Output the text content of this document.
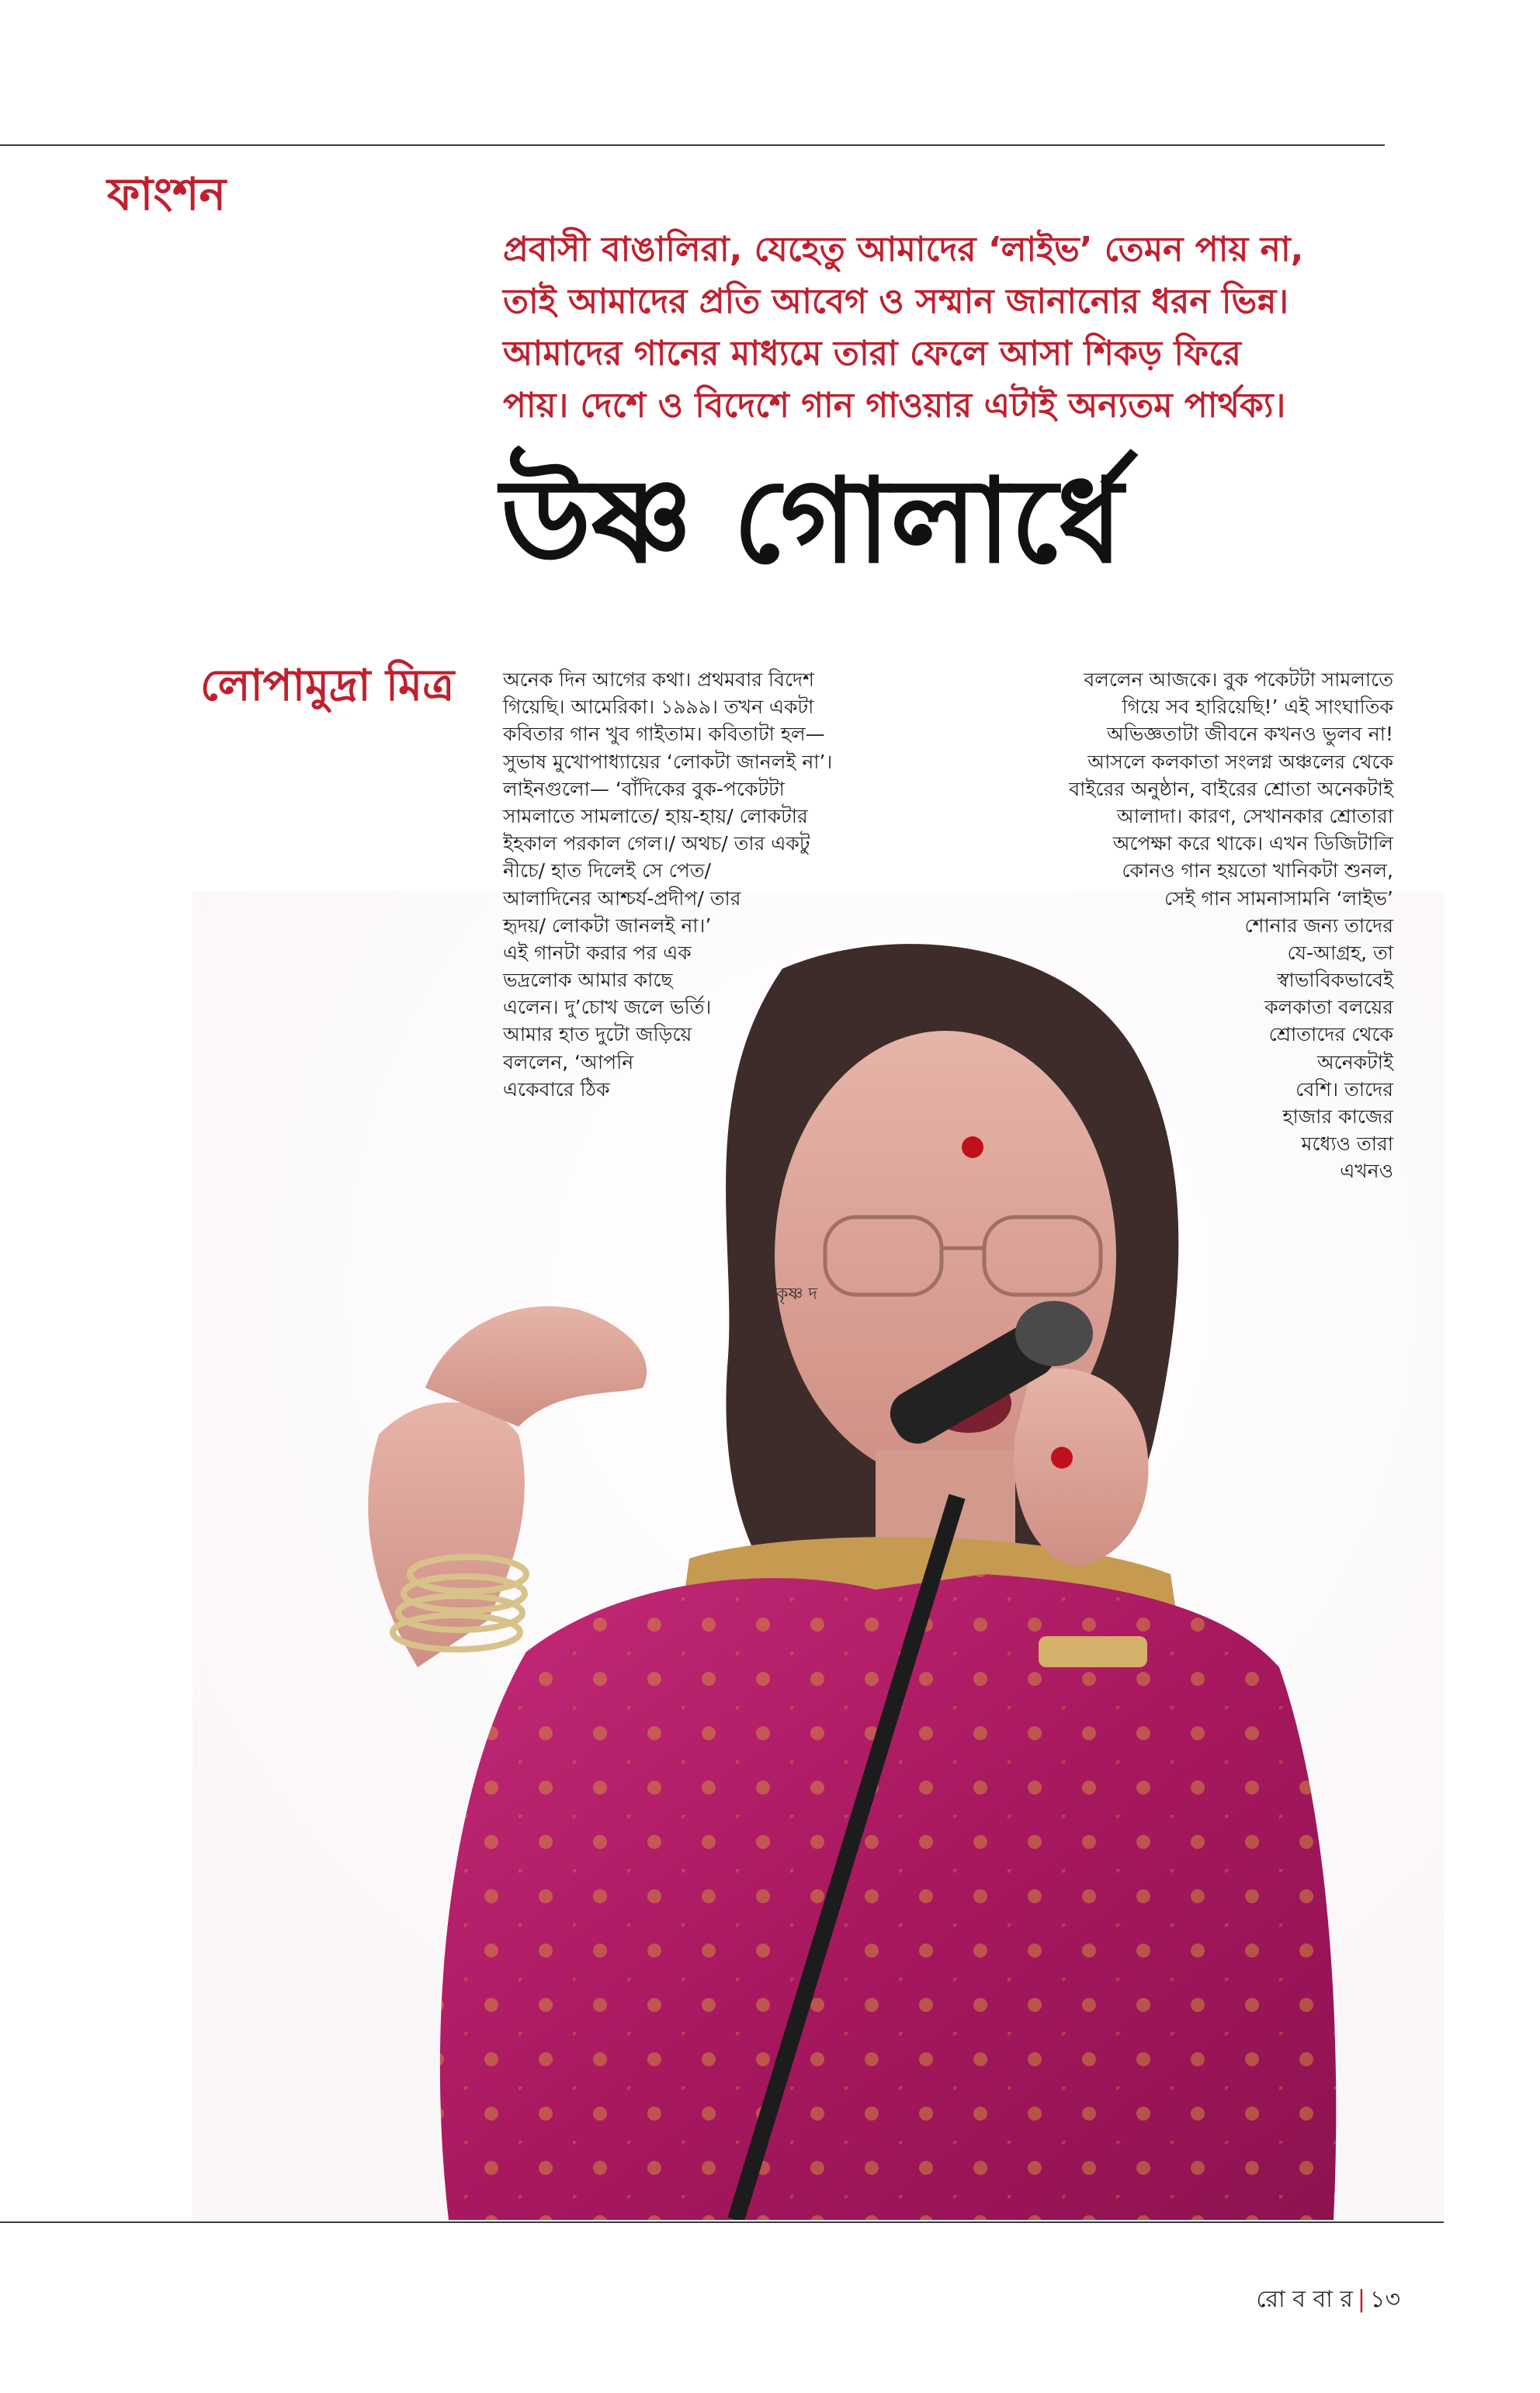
ফাংশন

প্রবাসী বাঙালিরা, যেহেতু আমাদের ‘লাইভ’ তেমন পায় না,
তাই আমাদের প্রতি আবেগ ও সম্মান জানানোর ধরন ভিন্ন।
আমাদের গানের মাধ্যমে তারা ফেলে আসা শিকড় ফিরে
পায়। দেশে ও বিদেশে গান গাওয়ার এটাই অন্যতম পার্থক্য।

উষ্ণ গোলার্ধে
লোপামুদ্রা মিত্র
কৃষ্ণ দ
অনেক দিন আগের কথা। প্রথমবার বিদেশ
গিয়েছি। আমেরিকা। ১৯৯৯। তখন একটা
কবিতার গান খুব গাইতাম। কবিতাটা হল—
সুভাষ মুখোপাধ্যায়ের ‘লোকটা জানলই না’।
লাইনগুলো— ‘বাঁদিকের বুক-পকেটটা
সামলাতে সামলাতে/ হায়-হায়/ লোকটার
ইহকাল পরকাল গেল।/ অথচ/ তার একটু
নীচে/ হাত দিলেই সে পেত/
আলাদিনের আশ্চর্য-প্রদীপ/ তার
হৃদয়/ লোকটা জানলই না।’
এই গানটা করার পর এক
ভদ্রলোক আমার কাছে
এলেন। দু’চোখ জলে ভর্তি।
আমার হাত দুটো জড়িয়ে
বললেন, ‘আপনি
একেবারে ঠিক
বললেন আজকে। বুক পকেটটা সামলাতে
গিয়ে সব হারিয়েছি!’ এই সাংঘাতিক
অভিজ্ঞতাটা জীবনে কখনও ভুলব না!
আসলে কলকাতা সংলগ্ন অঞ্চলের থেকে
বাইরের অনুষ্ঠান, বাইরের শ্রোতা অনেকটাই
আলাদা। কারণ, সেখানকার শ্রোতারা
অপেক্ষা করে থাকে। এখন ডিজিটালি
কোনও গান হয়তো খানিকটা শুনল,
সেই গান সামনাসামনি ‘লাইভ’
শোনার জন্য তাদের
যে-আগ্রহ, তা
স্বাভাবিকভাবেই
কলকাতা বলয়ের
শ্রোতাদের থেকে
অনেকটাই
বেশি। তাদের
হাজার কাজের
মধ্যেও তারা
এখনও
রো ব বা র | ১৩
